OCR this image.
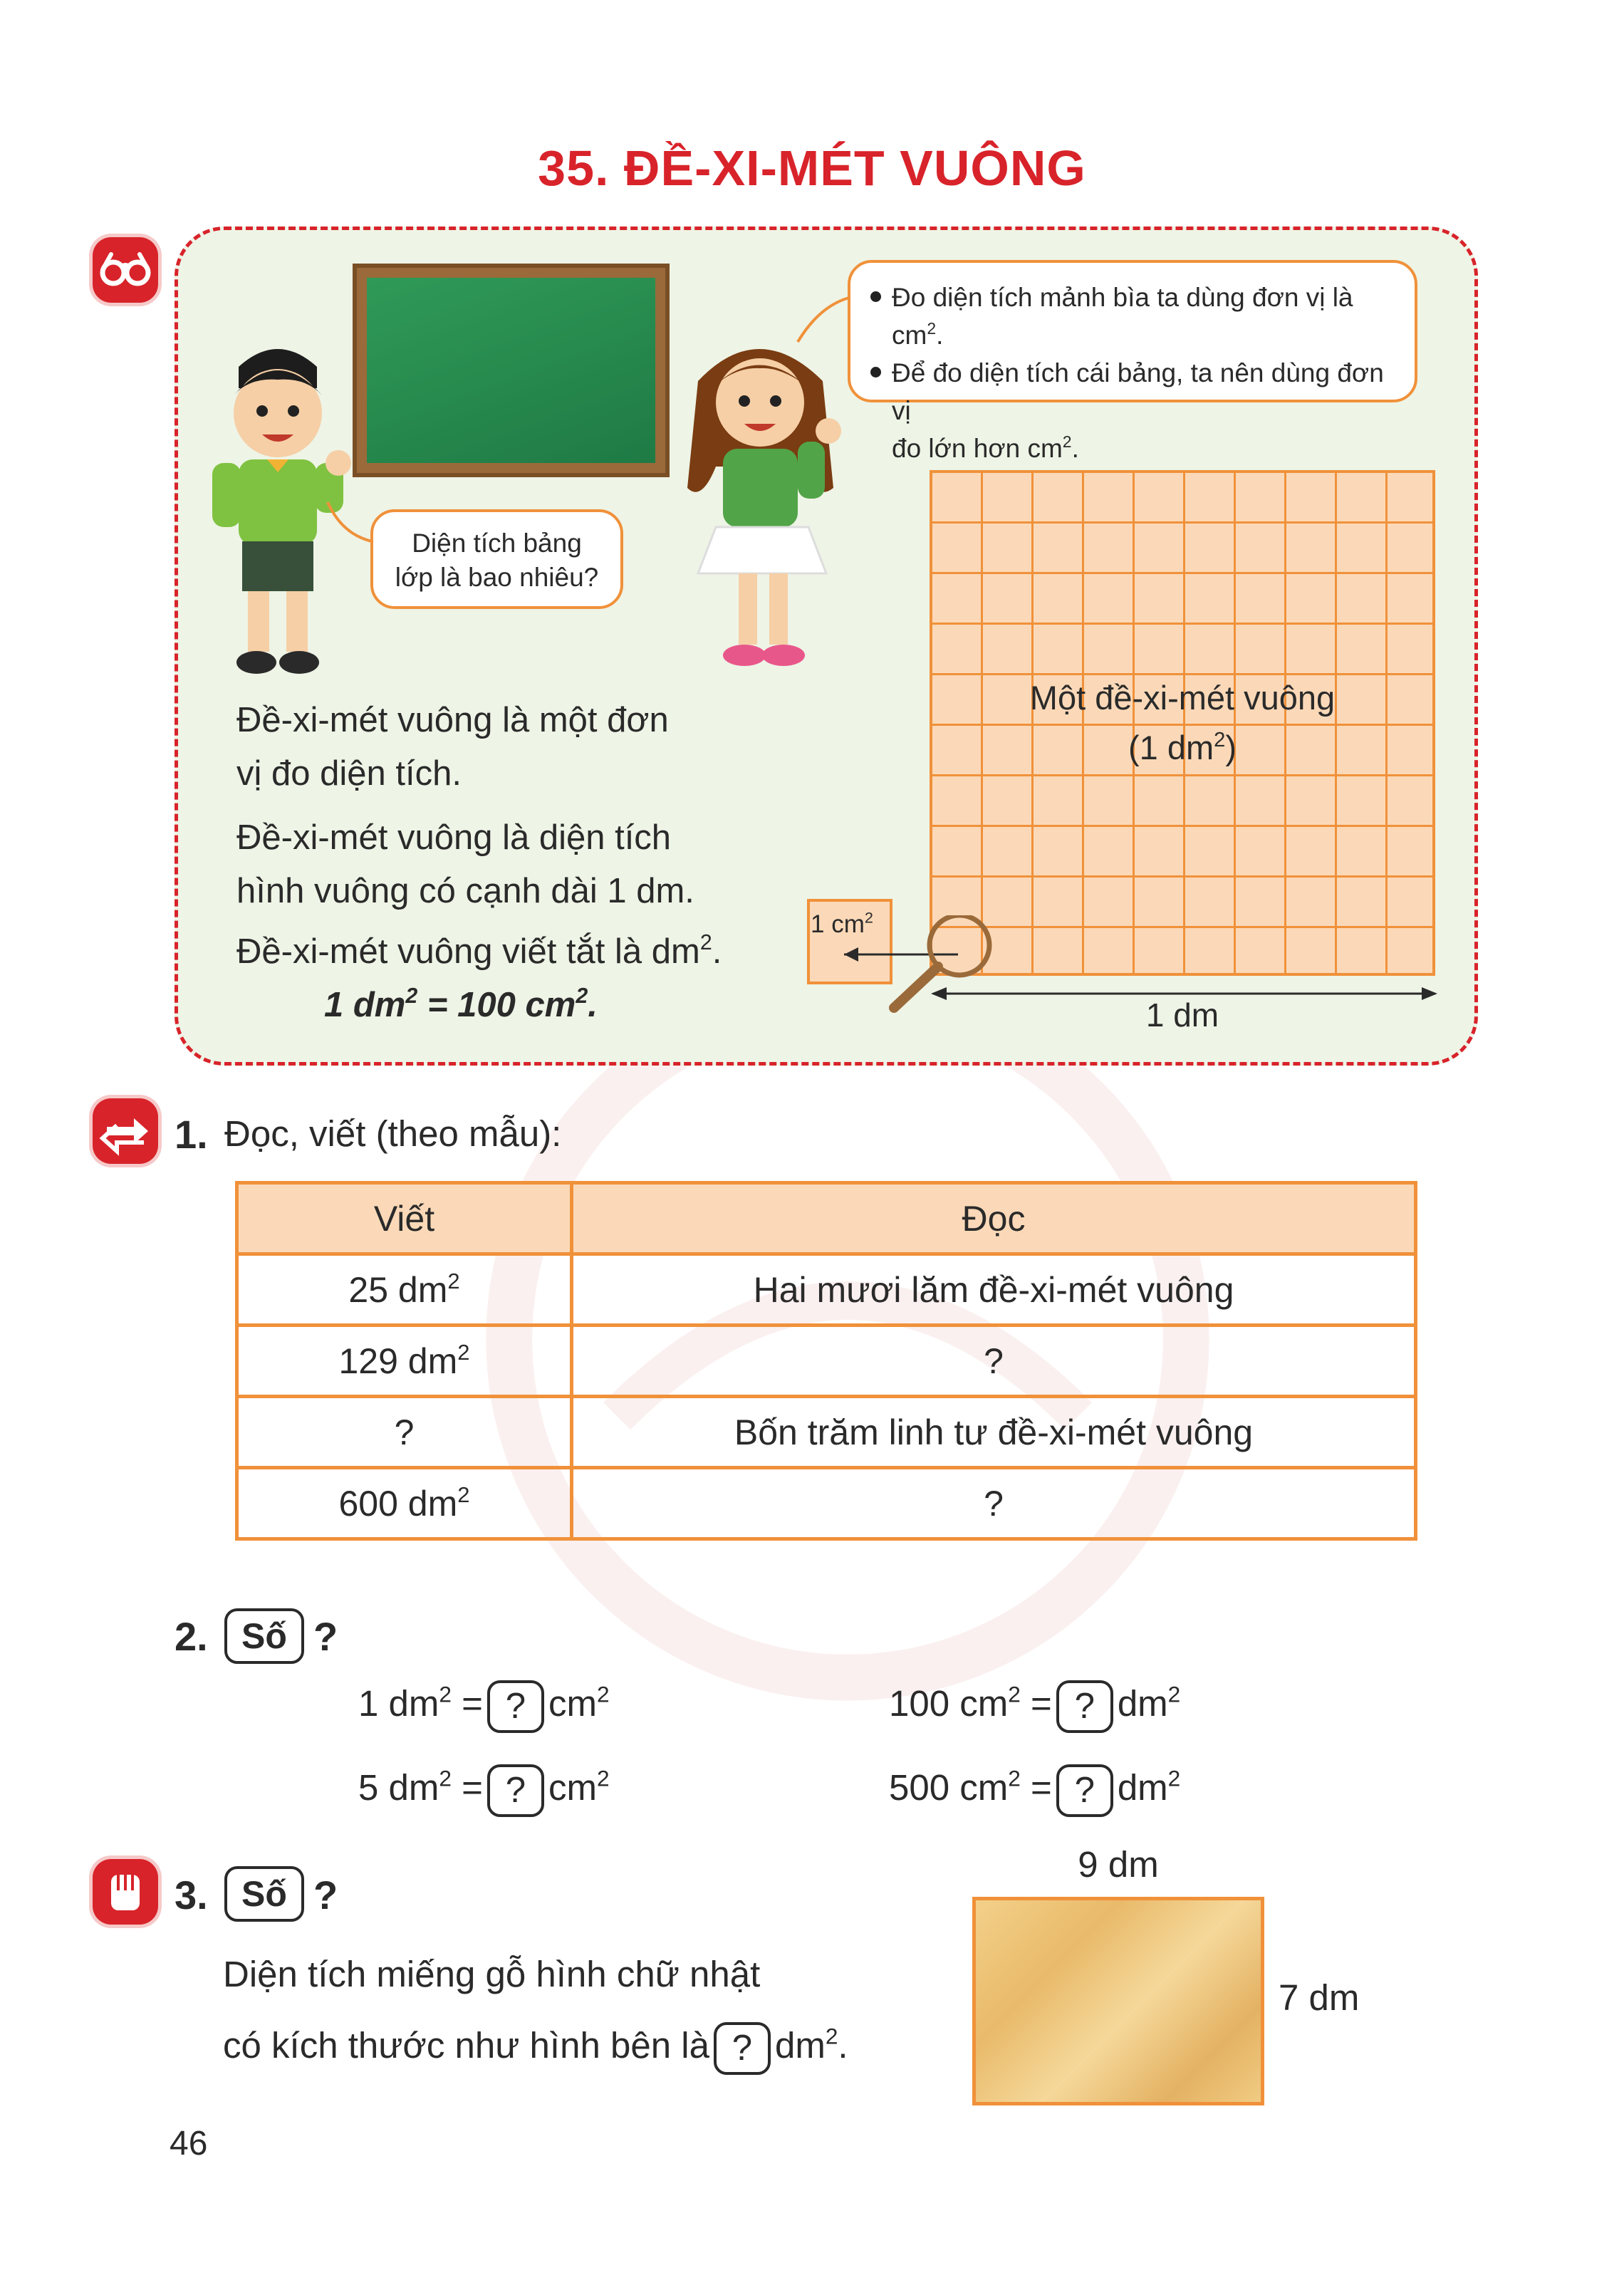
35. ĐỀ-XI-MÉT VUÔNG
Diện tích bảng
lớp là bao nhiêu?
Đo diện tích mảnh bìa ta dùng đơn vị là $cm^2$.
Để đo diện tích cái bảng, ta nên dùng đơn vị
đo lớn hơn $cm^2$.
Đề-xi-mét vuông là một đơn
vị đo diện tích.
Đề-xi-mét vuông là diện tích
hình vuông có cạnh dài 1 dm.
Đề-xi-mét vuông viết tắt là $dm^2$.
1 $dm^2 = 100$ $cm^2$.
Một đề-xi-mét vuông
(1 $dm^2$)
1 $cm^2$
1 dm
1. Đọc, viết (theo mẫu):
Viết	Đọc
25 $dm^2$	Hai mươi lăm đề-xi-mét vuông
129 $dm^2$	?
?	Bốn trăm linh tư đề-xi-mét vuông
600 $dm^2$	?
2. Số ?
1 $dm^2$ = ? $cm^2$
5 $dm^2$ = ? $cm^2$
100 $cm^2$ = ? $dm^2$
500 $cm^2$ = ? $dm^2$
3. Số ?
Diện tích miếng gỗ hình chữ nhật
có kích thước như hình bên là ? $dm^2$.
9 dm
7 dm
46
